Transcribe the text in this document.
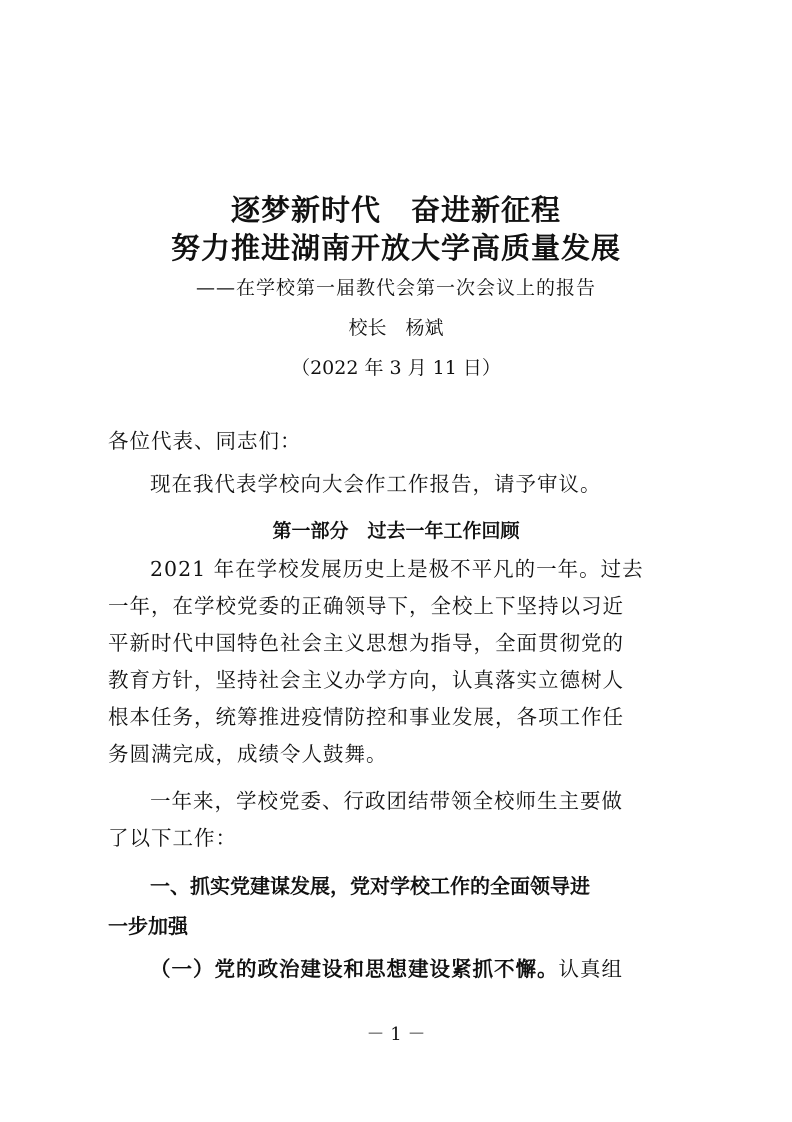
逐梦新时代　奋进新征程
努力推进湖南开放大学高质量发展
——在学校第一届教代会第一次会议上的报告
校长　杨斌
（2022 年 3 月 11 日）
各位代表、同志们：
现在我代表学校向大会作工作报告，请予审议。
第一部分　过去一年工作回顾
2021 年在学校发展历史上是极不平凡的一年。过去
一年，在学校党委的正确领导下，全校上下坚持以习近
平新时代中国特色社会主义思想为指导，全面贯彻党的
教育方针，坚持社会主义办学方向，认真落实立德树人
根本任务，统筹推进疫情防控和事业发展，各项工作任
务圆满完成，成绩令人鼓舞。
一年来，学校党委、行政团结带领全校师生主要做
了以下工作：
一、抓实党建谋发展，党对学校工作的全面领导进
一步加强
（一）党的政治建设和思想建设紧抓不懈。认真组
－ 1 －
